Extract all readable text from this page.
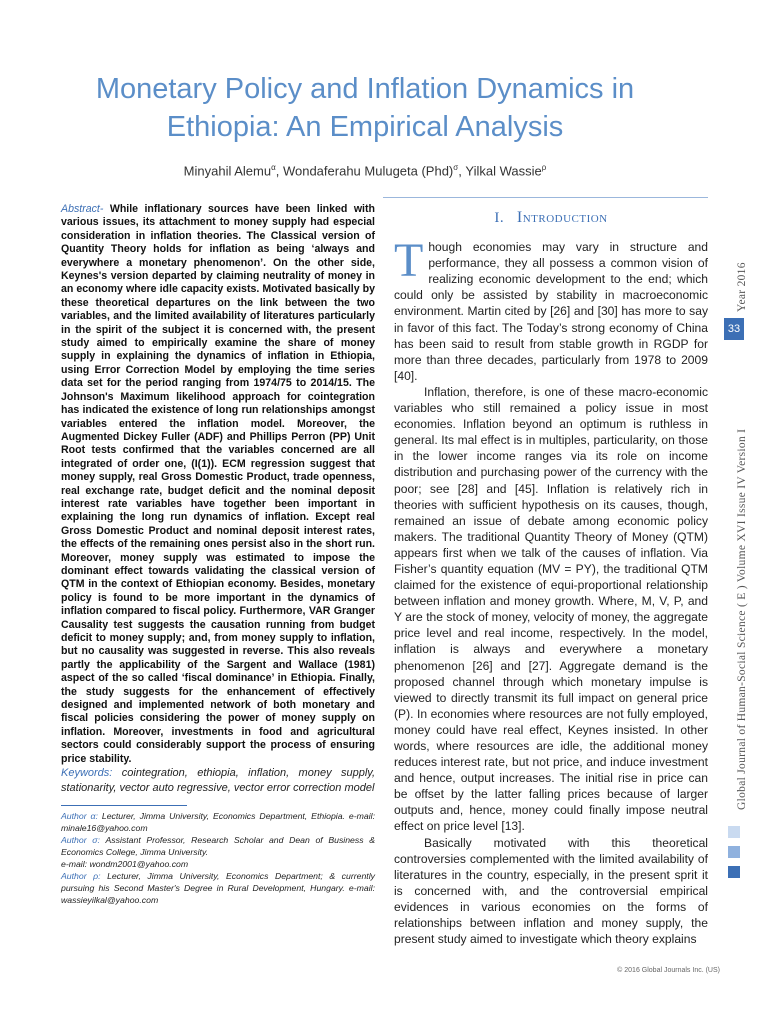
Monetary Policy and Inflation Dynamics in
Ethiopia: An Empirical Analysis
Minyahil Alemu$^\alpha$, Wondaferahu Mulugeta (Phd)$^\sigma$, Yilkal Wassie$^\rho$
Abstract- While inflationary sources have been linked with various issues, its attachment to money supply had especial consideration in inflation theories. The Classical version of Quantity Theory holds for inflation as being ‘always and everywhere a monetary phenomenon’. On the other side, Keynes's version departed by claiming neutrality of money in an economy where idle capacity exists. Motivated basically by these theoretical departures on the link between the two variables, and the limited availability of literatures particularly in the spirit of the subject it is concerned with, the present study aimed to empirically examine the share of money supply in explaining the dynamics of inflation in Ethiopia, using Error Correction Model by employing the time series data set for the period ranging from 1974/75 to 2014/15. The Johnson's Maximum likelihood approach for cointegration has indicated the existence of long run relationships amongst variables entered the inflation model. Moreover, the Augmented Dickey Fuller (ADF) and Phillips Perron (PP) Unit Root tests confirmed that the variables concerned are all integrated of order one, (I(1)). ECM regression suggest that money supply, real Gross Domestic Product, trade openness, real exchange rate, budget deficit and the nominal deposit interest rate variables have together been important in explaining the long run dynamics of inflation. Except real Gross Domestic Product and nominal deposit interest rates, the effects of the remaining ones persist also in the short run. Moreover, money supply was estimated to impose the dominant effect towards validating the classical version of QTM in the context of Ethiopian economy. Besides, monetary policy is found to be more important in the dynamics of inflation compared to fiscal policy. Furthermore, VAR Granger Causality test suggests the causation running from budget deficit to money supply; and, from money supply to inflation, but no causality was suggested in reverse. This also reveals partly the applicability of the Sargent and Wallace (1981) aspect of the so called ‘fiscal dominance’ in Ethiopia. Finally, the study suggests for the enhancement of effectively designed and implemented network of both monetary and fiscal policies considering the power of money supply on inflation. Moreover, investments in food and agricultural sectors could considerably support the process of ensuring price stability.
Keywords: cointegration, ethiopia, inflation, money supply, stationarity, vector auto regressive, vector error correction model
Author α: Lecturer, Jimma University, Economics Department, Ethiopia. e-mail: minale16@yahoo.com
Author σ: Assistant Professor, Research Scholar and Dean of Business & Economics College, Jimma University.
e-mail: wondm2001@yahoo.com
Author ρ: Lecturer, Jimma University, Economics Department; & currently pursuing his Second Master's Degree in Rural Development, Hungary. e-mail: wassieyilkal@yahoo.com
I. Introduction

Though economies may vary in structure and performance, they all possess a common vision of realizing economic development to the end; which could only be assisted by stability in macroeconomic environment. Martin cited by [26] and [30] has more to say in favor of this fact. The Today’s strong economy of China has been said to result from stable growth in RGDP for more than three decades, particularly from 1978 to 2009 [40].

Inflation, therefore, is one of these macro-economic variables who still remained a policy issue in most economies. Inflation beyond an optimum is ruthless in general. Its mal effect is in multiples, particularity, on those in the lower income ranges via its role on income distribution and purchasing power of the currency with the poor; see [28] and [45]. Inflation is relatively rich in theories with sufficient hypothesis on its causes, though, remained an issue of debate among economic policy makers. The traditional Quantity Theory of Money (QTM) appears first when we talk of the causes of inflation. Via Fisher’s quantity equation (MV = PY), the traditional QTM claimed for the existence of equi-proportional relationship between inflation and money growth. Where, M, V, P, and Y are the stock of money, velocity of money, the aggregate price level and real income, respectively. In the model, inflation is always and everywhere a monetary phenomenon [26] and [27]. Aggregate demand is the proposed channel through which monetary impulse is viewed to directly transmit its full impact on general price (P). In economies where resources are not fully employed, money could have real effect, Keynes insisted. In other words, where resources are idle, the additional money reduces interest rate, but not price, and induce investment and hence, output increases. The initial rise in price can be offset by the latter falling prices because of larger outputs and, hence, money could finally impose neutral effect on price level [13].

Basically motivated with this theoretical controversies complemented with the limited availability of literatures in the country, especially, in the present sprit it is concerned with, and the controversial empirical evidences in various economies on the forms of relationships between inflation and money supply, the present study aimed to investigate which theory explains

Year 2016
33
Global Journal of Human-Social Science ( E ) Volume XVI Issue IV Version I
© 2016 Global Journals Inc. (US)
